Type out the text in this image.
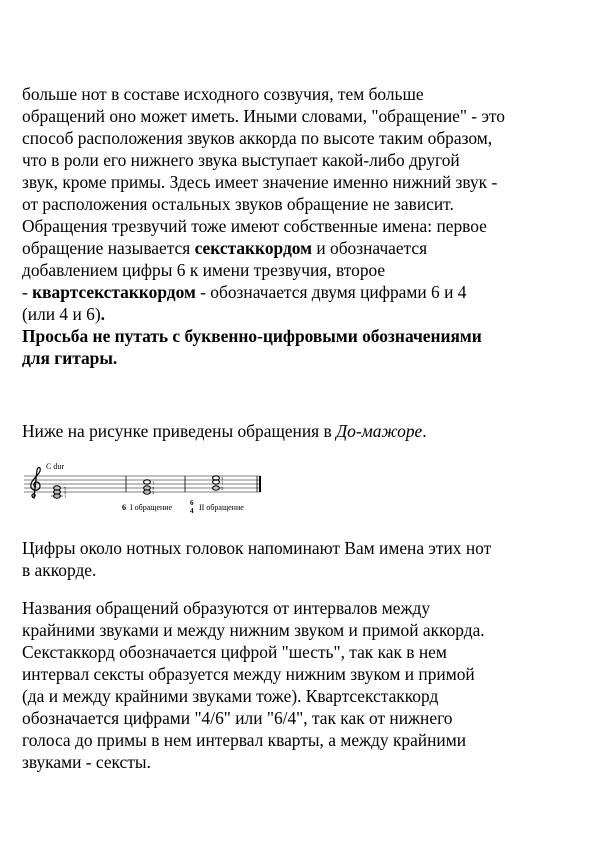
больше нот в составе исходного созвучия, тем больше
обращений оно может иметь. Иными словами, "обращение" - это
способ расположения звуков аккорда по высоте таким образом,
что в роли его нижнего звука выступает какой-либо другой
звук, кроме примы. Здесь имеет значение именно нижний звук -
от расположения остальных звуков обращение не зависит.
Обращения трезвучий тоже имеют собственные имена: первое
обращение называется секстаккордом и обозначается
добавлением цифры 6 к имени трезвучия, второе
- квартсекстаккордом - обозначается двумя цифрами 6 и 4
(или 4 и 6).
Просьба не путать с буквенно-цифровыми обозначениями
для гитары.
Ниже на рисунке приведены обращения в До-мажоре.
C dur
5
3
1
1
5
3
3
1
5
6 I обращение	6
4 II обращение
Цифры около нотных головок напоминают Вам имена этих нот
в аккорде.
Названия обращений образуются от интервалов между
крайними звуками и между нижним звуком и примой аккорда.
Секстаккорд обозначается цифрой "шесть", так как в нем
интервал сексты образуется между нижним звуком и примой
(да и между крайними звуками тоже). Квартсекстаккорд
обозначается цифрами "4/6" или "6/4", так как от нижнего
голоса до примы в нем интервал кварты, а между крайними
звуками - сексты.
